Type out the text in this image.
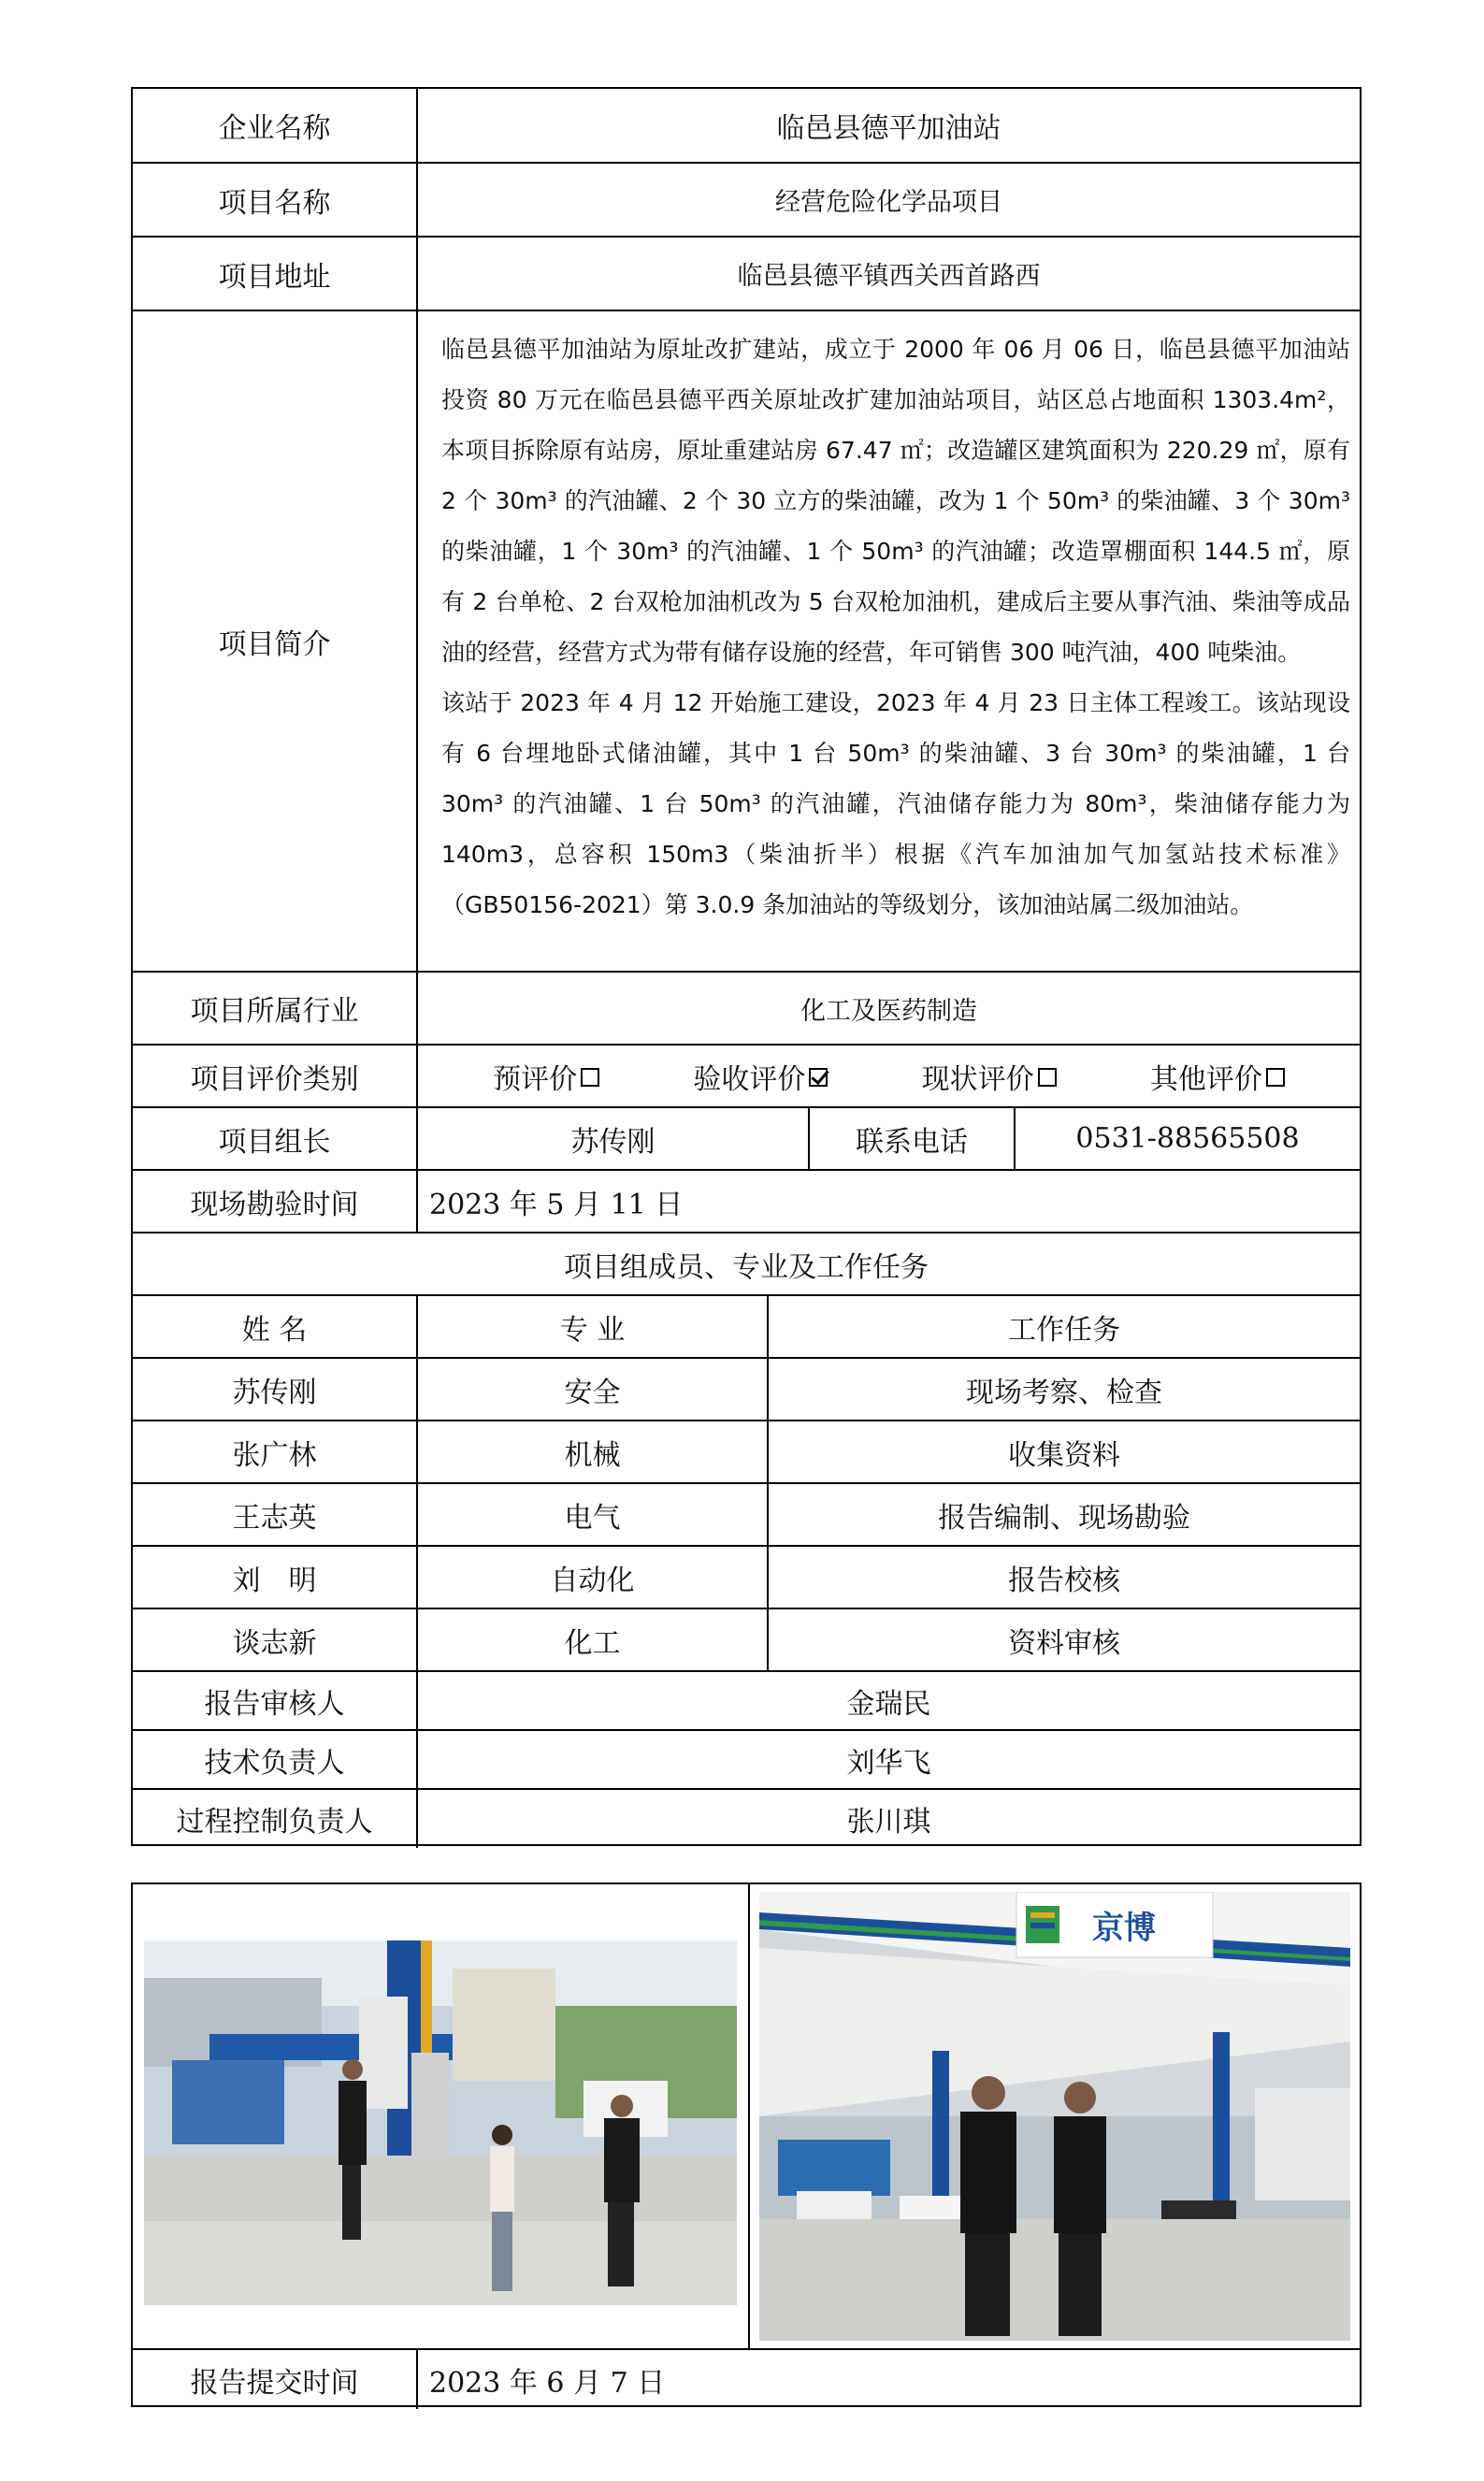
企业名称	临邑县德平加油站
项目名称	经营危险化学品项目
项目地址	临邑县德平镇西关西首路西
项目简介

临邑县德平加油站为原址改扩建站，成立于 2000 年 06 月 06 日，临邑县德平加油站投资 80 万元在临邑县德平西关原址改扩建加油站项目，站区总占地面积 1303.4m²，本项目拆除原有站房，原址重建站房 67.47 ㎡；改造罐区建筑面积为 220.29 ㎡，原有 2 个 30m³ 的汽油罐、2 个 30 立方的柴油罐，改为 1 个 50m³ 的柴油罐、3 个 30m³ 的柴油罐，1 个 30m³ 的汽油罐、1 个 50m³ 的汽油罐；改造罩棚面积 144.5 ㎡，原有 2 台单枪、2 台双枪加油机改为 5 台双枪加油机，建成后主要从事汽油、柴油等成品油的经营，经营方式为带有储存设施的经营，年可销售 300 吨汽油，400 吨柴油。

该站于 2023 年 4 月 12 开始施工建设，2023 年 4 月 23 日主体工程竣工。该站现设有 6 台埋地卧式储油罐，其中 1 台 50m³ 的柴油罐、3 台 30m³ 的柴油罐，1 台 30m³ 的汽油罐、1 台 50m³ 的汽油罐，汽油储存能力为 80m³，柴油储存能力为 140m3，总容积 150m3（柴油折半）根据《汽车加油加气加氢站技术标准》（GB50156-2021）第 3.0.9 条加油站的等级划分，该加油站属二级加油站。

项目所属行业	化工及医药制造
项目评价类别	预评价	验收评价	现状评价	其他评价
项目组长	苏传刚	联系电话	0531-88565508
现场勘验时间	2023 年 5 月 11 日
项目组成员、专业及工作任务
姓 名	专 业	工作任务
苏传刚	安全	现场考察、检查
张广林	机械	收集资料
王志英	电气	报告编制、现场勘验
刘　明	自动化	报告校核
谈志新	化工	资料审核
报告审核人	金瑞民
技术负责人	刘华飞
过程控制负责人	张川琪
京博
报告提交时间	2023 年 6 月 7 日
